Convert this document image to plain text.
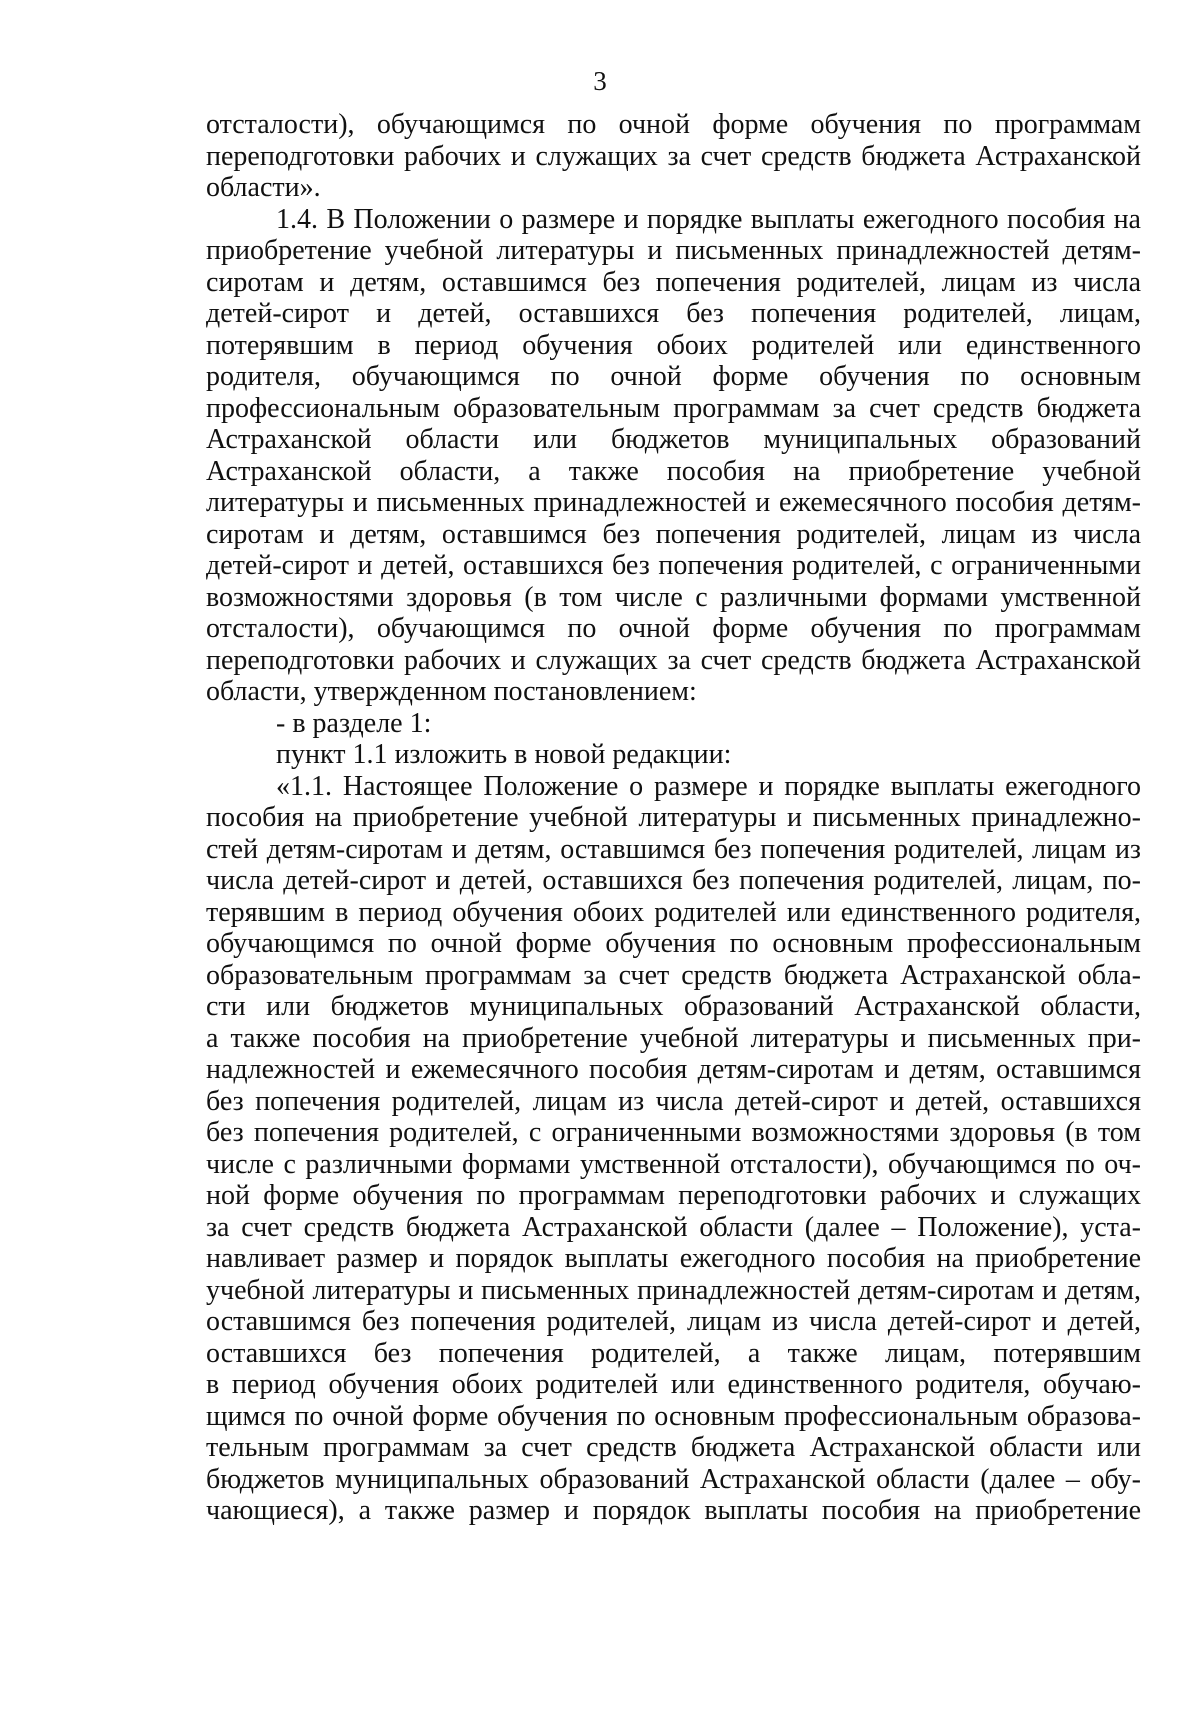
3
отсталости), обучающимся по очной форме обучения по программам
переподготовки рабочих и служащих за счет средств бюджета Астраханской
области».
1.4. В Положении о размере и порядке выплаты ежегодного пособия на
приобретение учебной литературы и письменных принадлежностей детям-
сиротам и детям, оставшимся без попечения родителей, лицам из числа
детей-сирот и детей, оставшихся без попечения родителей, лицам,
потерявшим в период обучения обоих родителей или единственного
родителя, обучающимся по очной форме обучения по основным
профессиональным образовательным программам за счет средств бюджета
Астраханской области или бюджетов муниципальных образований
Астраханской области, а также пособия на приобретение учебной
литературы и письменных принадлежностей и ежемесячного пособия детям-
сиротам и детям, оставшимся без попечения родителей, лицам из числа
детей-сирот и детей, оставшихся без попечения родителей, с ограниченными
возможностями здоровья (в том числе с различными формами умственной
отсталости), обучающимся по очной форме обучения по программам
переподготовки рабочих и служащих за счет средств бюджета Астраханской
области, утвержденном постановлением:
- в разделе 1:
пункт 1.1 изложить в новой редакции:
«1.1. Настоящее Положение о размере и порядке выплаты ежегодного
пособия на приобретение учебной литературы и письменных принадлежно-
стей детям-сиротам и детям, оставшимся без попечения родителей, лицам из
числа детей-сирот и детей, оставшихся без попечения родителей, лицам, по-
терявшим в период обучения обоих родителей или единственного родителя,
обучающимся по очной форме обучения по основным профессиональным
образовательным программам за счет средств бюджета Астраханской обла-
сти или бюджетов муниципальных образований Астраханской области,
а также пособия на приобретение учебной литературы и письменных при-
надлежностей и ежемесячного пособия детям-сиротам и детям, оставшимся
без попечения родителей, лицам из числа детей-сирот и детей, оставшихся
без попечения родителей, с ограниченными возможностями здоровья (в том
числе с различными формами умственной отсталости), обучающимся по оч-
ной форме обучения по программам переподготовки рабочих и служащих
за счет средств бюджета Астраханской области (далее – Положение), уста-
навливает размер и порядок выплаты ежегодного пособия на приобретение
учебной литературы и письменных принадлежностей детям-сиротам и детям,
оставшимся без попечения родителей, лицам из числа детей-сирот и детей,
оставшихся без попечения родителей, а также лицам, потерявшим
в период обучения обоих родителей или единственного родителя, обучаю-
щимся по очной форме обучения по основным профессиональным образова-
тельным программам за счет средств бюджета Астраханской области или
бюджетов муниципальных образований Астраханской области (далее – обу-
чающиеся), а также размер и порядок выплаты пособия на приобретение
